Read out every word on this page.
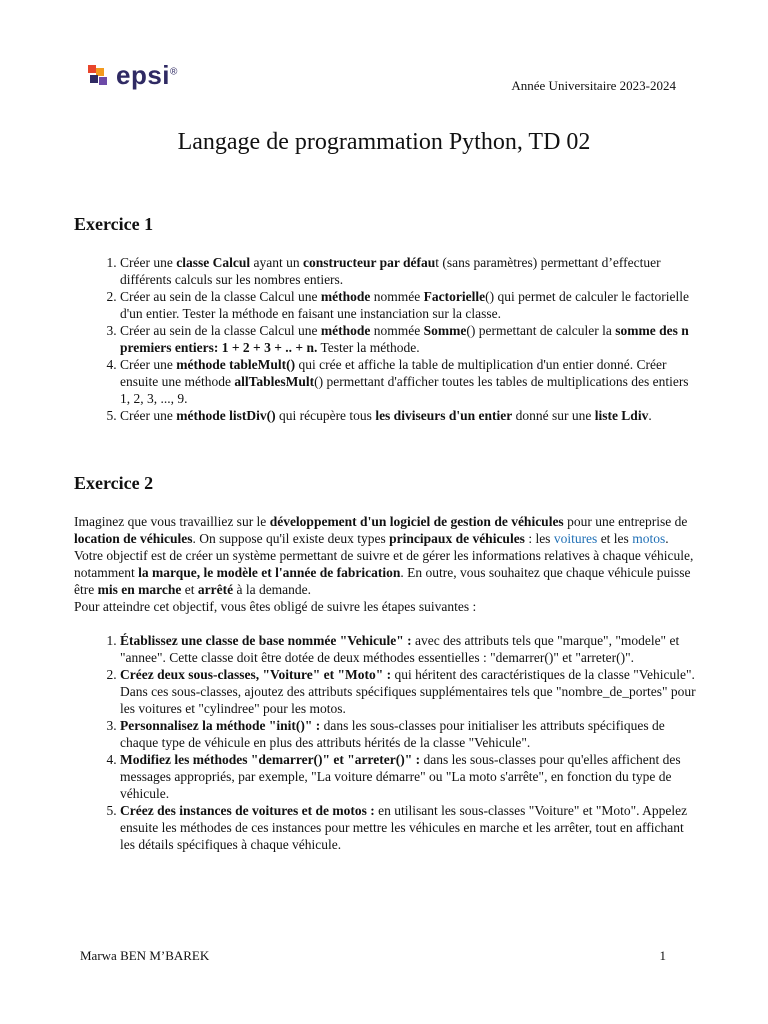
epsi®
Année Universitaire 2023-2024
Langage de programmation Python, TD 02
Exercice 1
1. Créer une classe Calcul ayant un constructeur par défaut (sans paramètres) permettant d’effectuer différents calculs sur les nombres entiers.
2. Créer au sein de la classe Calcul une méthode nommée Factorielle() qui permet de calculer le factorielle d'un entier. Tester la méthode en faisant une instanciation sur la classe.
3. Créer au sein de la classe Calcul une méthode nommée Somme() permettant de calculer la somme des n premiers entiers: 1 + 2 + 3 + .. + n. Tester la méthode.
4. Créer une méthode tableMult() qui crée et affiche la table de multiplication d'un entier donné. Créer ensuite une méthode allTablesMult() permettant d'afficher toutes les tables de multiplications des entiers 1, 2, 3, ..., 9.
5. Créer une méthode listDiv() qui récupère tous les diviseurs d'un entier donné sur une liste Ldiv.
Exercice 2

Imaginez que vous travailliez sur le développement d'un logiciel de gestion de véhicules pour une entreprise de location de véhicules. On suppose qu'il existe deux types principaux de véhicules : les voitures et les motos. Votre objectif est de créer un système permettant de suivre et de gérer les informations relatives à chaque véhicule, notamment la marque, le modèle et l'année de fabrication. En outre, vous souhaitez que chaque véhicule puisse être mis en marche et arrêté à la demande.

Pour atteindre cet objectif, vous êtes obligé de suivre les étapes suivantes :

1. Établissez une classe de base nommée "Vehicule" : avec des attributs tels que "marque", "modele" et "annee". Cette classe doit être dotée de deux méthodes essentielles : "demarrer()" et "arreter()".
2. Créez deux sous-classes, "Voiture" et "Moto" : qui héritent des caractéristiques de la classe "Vehicule". Dans ces sous-classes, ajoutez des attributs spécifiques supplémentaires tels que "nombre_de_portes" pour les voitures et "cylindree" pour les motos.
3. Personnalisez la méthode "init()" : dans les sous-classes pour initialiser les attributs spécifiques de chaque type de véhicule en plus des attributs hérités de la classe "Vehicule".
4. Modifiez les méthodes "demarrer()" et "arreter()" : dans les sous-classes pour qu'elles affichent des messages appropriés, par exemple, "La voiture démarre" ou "La moto s'arrête", en fonction du type de véhicule.
5. Créez des instances de voitures et de motos : en utilisant les sous-classes "Voiture" et "Moto". Appelez ensuite les méthodes de ces instances pour mettre les véhicules en marche et les arrêter, tout en affichant les détails spécifiques à chaque véhicule.
Marwa BEN M’BAREK	1
